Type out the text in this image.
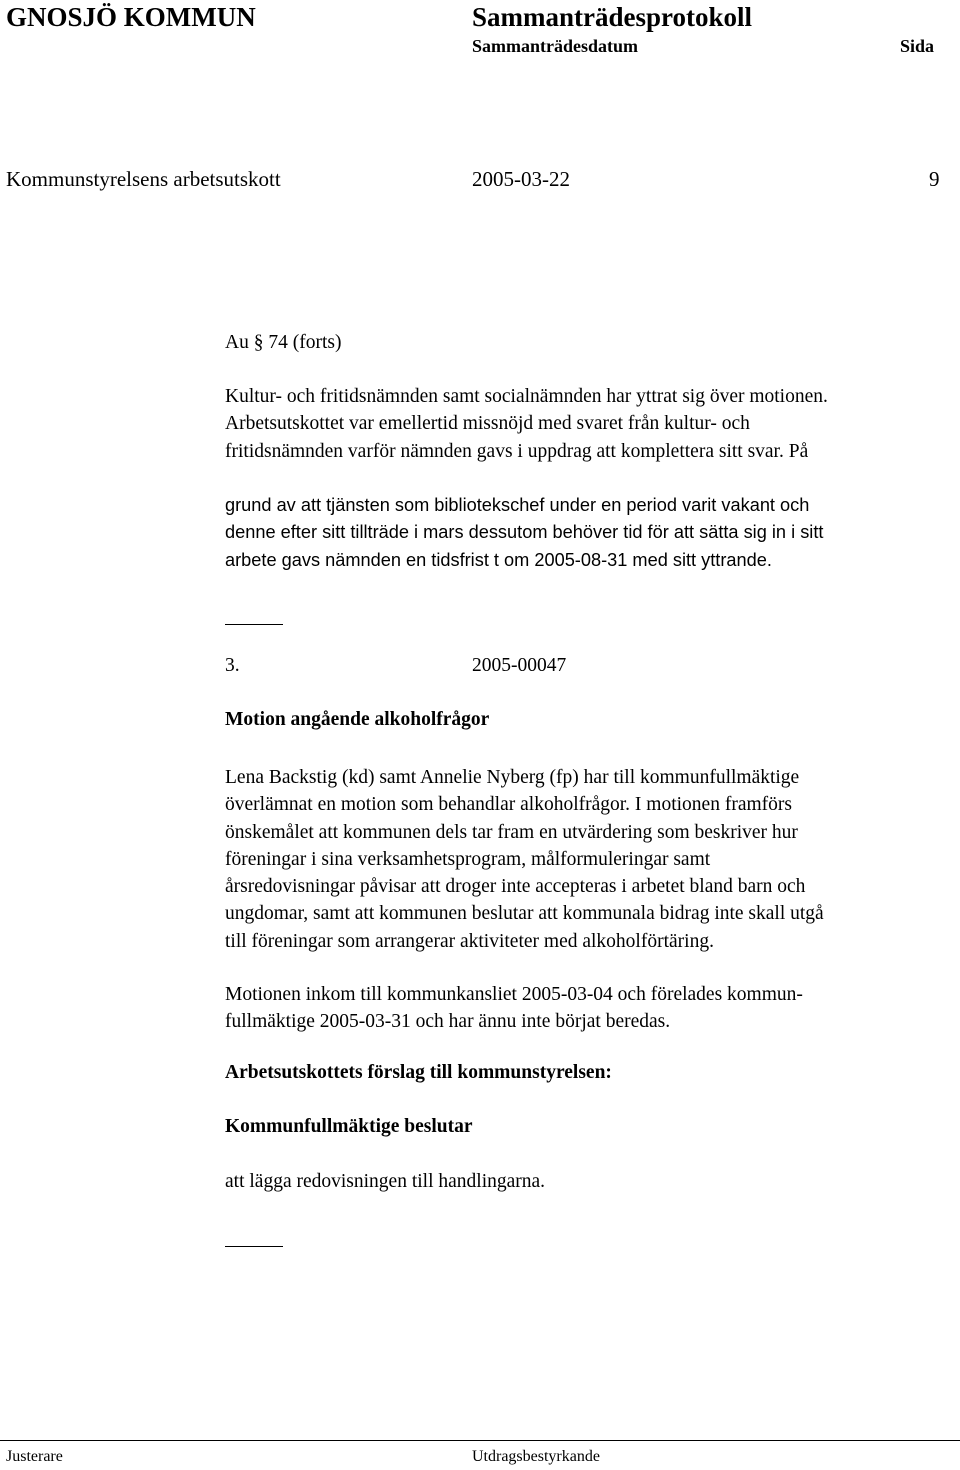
GNOSJÖ KOMMUN	Sammanträdesprotokoll
Sammanträdesdatum	Sida
Kommunstyrelsens arbetsutskott	2005-03-22	9
Au § 74 (forts)
Kultur- och fritidsnämnden samt socialnämnden har yttrat sig över motionen.
Arbetsutskottet var emellertid missnöjd med svaret från kultur- och
fritidsnämnden varför nämnden gavs i uppdrag att komplettera sitt svar. På
grund av att tjänsten som bibliotekschef under en period varit vakant och
denne efter sitt tillträde i mars dessutom behöver tid för att sätta sig in i sitt
arbete gavs nämnden en tidsfrist t om 2005-08-31 med sitt yttrande.
3.	2005-00047
Motion angående alkoholfrågor
Lena Backstig (kd) samt Annelie Nyberg (fp) har till kommunfullmäktige
överlämnat en motion som behandlar alkoholfrågor. I motionen framförs
önskemålet att kommunen dels tar fram en utvärdering som beskriver hur
föreningar i sina verksamhetsprogram, målformuleringar samt
årsredovisningar påvisar att droger inte accepteras i arbetet bland barn och
ungdomar, samt att kommunen beslutar att kommunala bidrag inte skall utgå
till föreningar som arrangerar aktiviteter med alkoholförtäring.
Motionen inkom till kommunkansliet 2005-03-04 och förelades kommun-
fullmäktige 2005-03-31 och har ännu inte börjat beredas.
Arbetsutskottets förslag till kommunstyrelsen:
Kommunfullmäktige beslutar
att lägga redovisningen till handlingarna.
Justerare	Utdragsbestyrkande
